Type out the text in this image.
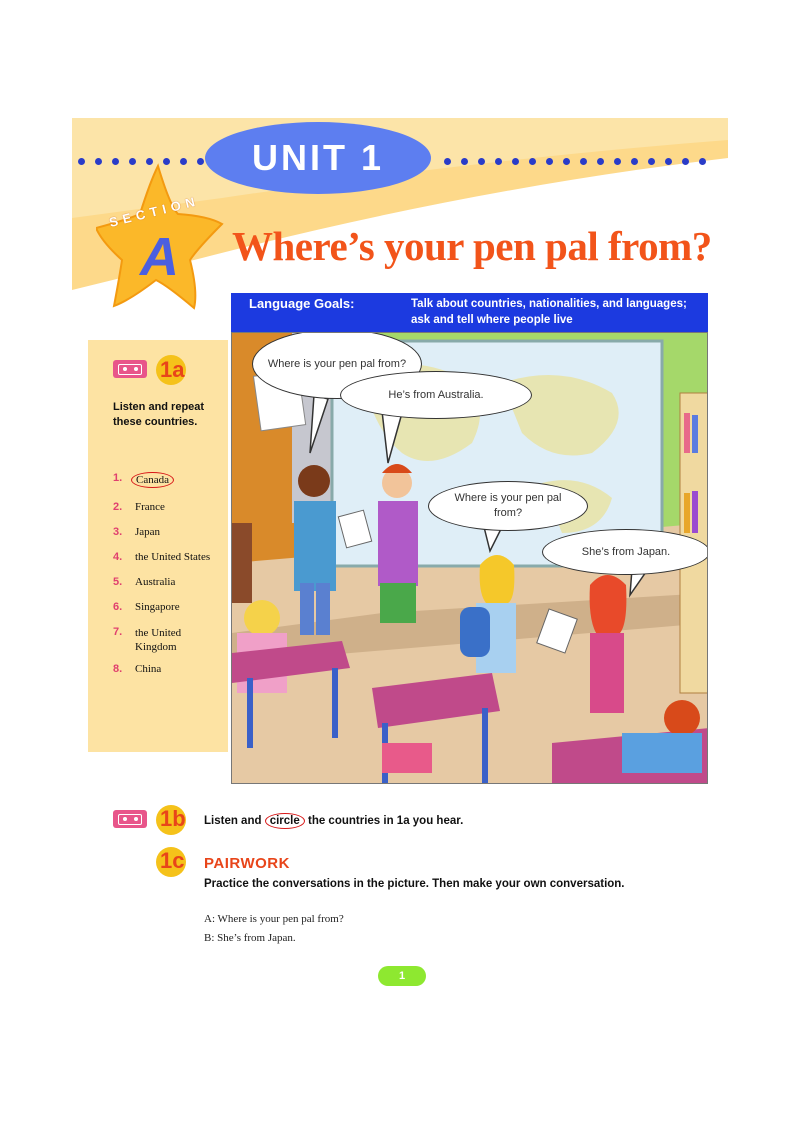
UNIT 1
SECTION
A Where’s your pen pal from?
1a
Listen and repeat these countries.
1.	Canada
2.	France
3.	Japan
4.	the United States
5.	Australia
6.	Singapore
7.	the United Kingdom
8.	China
Language Goals:	Talk about countries, nationalities, and languages; ask and tell where people live
Where is your pen pal from?
He’s from Australia.
Where is your pen pal from?
She’s from Japan.
1b Listen and circle the countries in 1a you hear.
1c PAIRWORK
Practice the conversations in the picture. Then make your own conversation.
A: Where is your pen pal from?
B: She’s from Japan.
1
